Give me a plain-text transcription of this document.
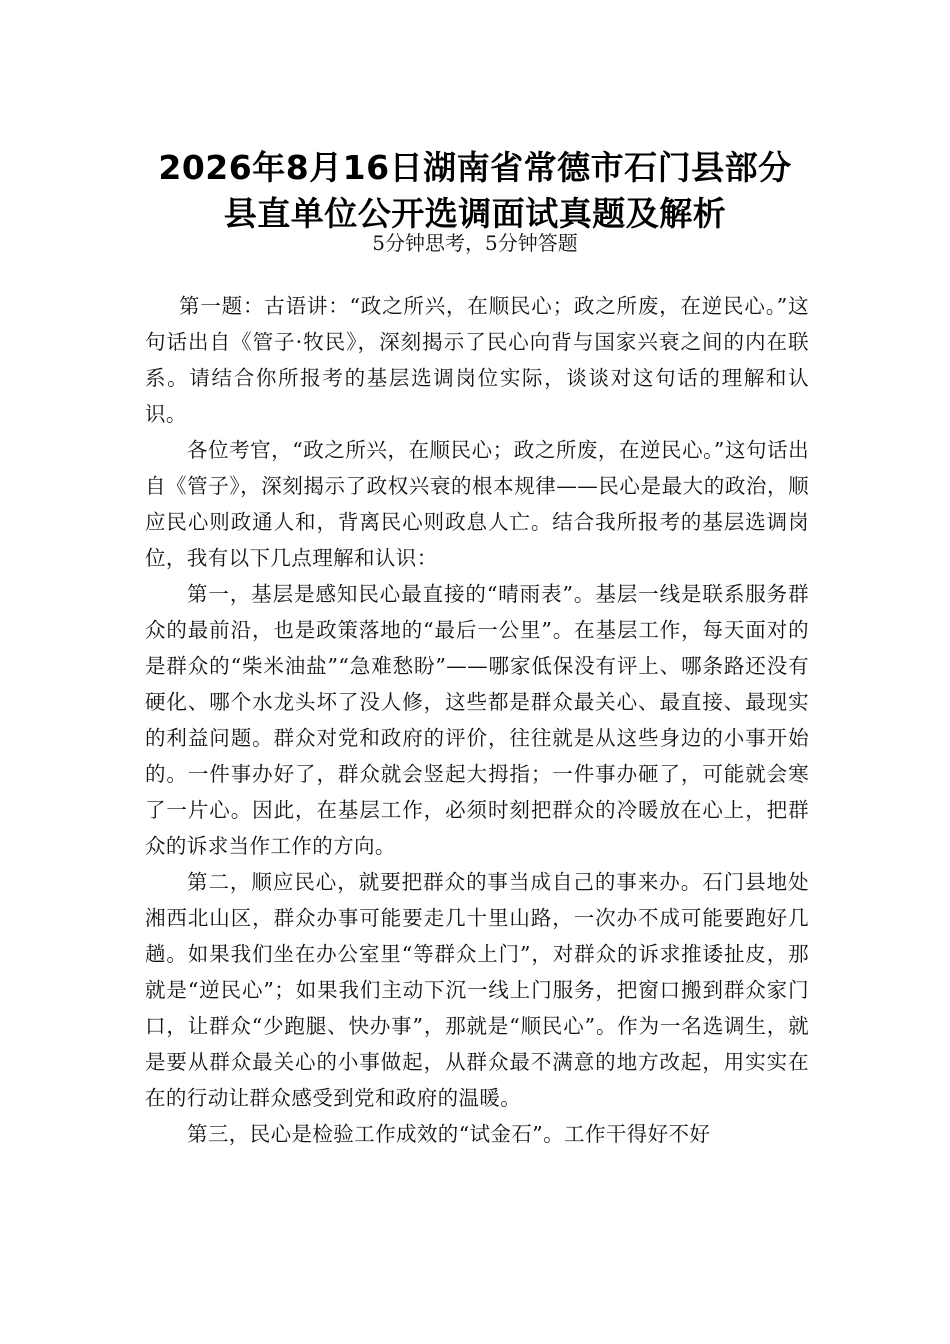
2026年8月16日湖南省常德市石门县部分
县直单位公开选调面试真题及解析
5分钟思考，5分钟答题

第一题：古语讲：“政之所兴，在顺民心；政之所废，在逆民心。”这句话出自《管子·牧民》，深刻揭示了民心向背与国家兴衰之间的内在联系。请结合你所报考的基层选调岗位实际，谈谈对这句话的理解和认识。

各位考官，“政之所兴，在顺民心；政之所废，在逆民心。”这句话出自《管子》，深刻揭示了政权兴衰的根本规律——民心是最大的政治，顺应民心则政通人和，背离民心则政息人亡。结合我所报考的基层选调岗位，我有以下几点理解和认识：

第一，基层是感知民心最直接的“晴雨表”。基层一线是联系服务群众的最前沿，也是政策落地的“最后一公里”。在基层工作，每天面对的是群众的“柴米油盐”“急难愁盼”——哪家低保没有评上、哪条路还没有硬化、哪个水龙头坏了没人修，这些都是群众最关心、最直接、最现实的利益问题。群众对党和政府的评价，往往就是从这些身边的小事开始的。一件事办好了，群众就会竖起大拇指；一件事办砸了，可能就会寒了一片心。因此，在基层工作，必须时刻把群众的冷暖放在心上，把群众的诉求当作工作的方向。

第二，顺应民心，就要把群众的事当成自己的事来办。石门县地处湘西北山区，群众办事可能要走几十里山路，一次办不成可能要跑好几趟。如果我们坐在办公室里“等群众上门”，对群众的诉求推诿扯皮，那就是“逆民心”；如果我们主动下沉一线上门服务，把窗口搬到群众家门口，让群众“少跑腿、快办事”，那就是“顺民心”。作为一名选调生，就是要从群众最关心的小事做起，从群众最不满意的地方改起，用实实在在的行动让群众感受到党和政府的温暖。

第三，民心是检验工作成效的“试金石”。工作干得好不好
